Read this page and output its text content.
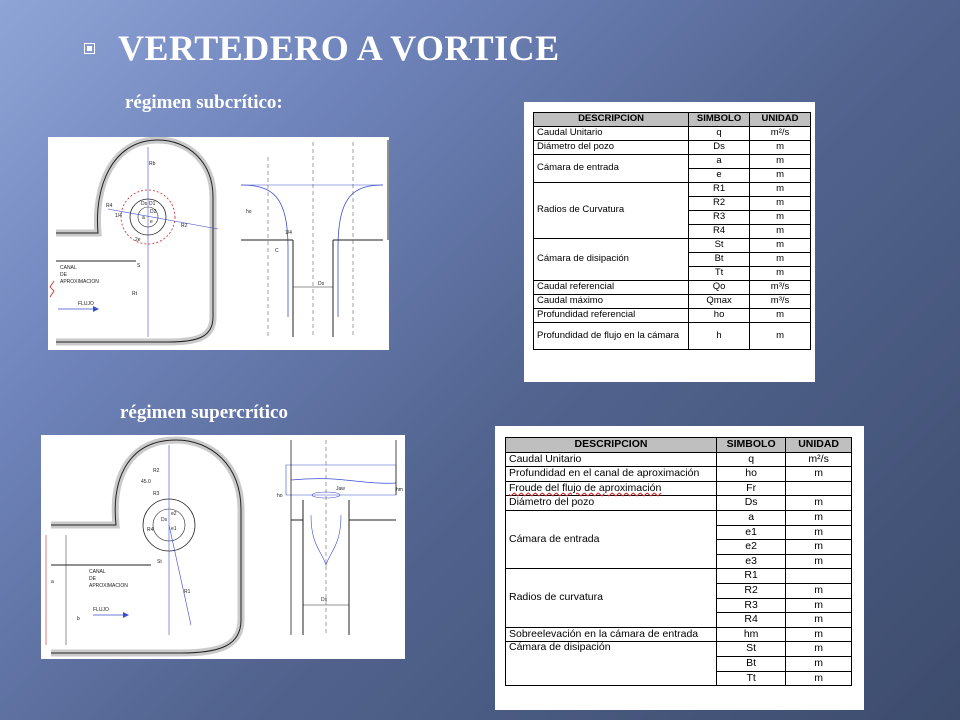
VERTEDERO A VORTICE
régimen subcrítico:
régimen supercrítico
Rb
R4
R2
Ds D1
D2
a
e
1/4
2e
Rt
S
CANAL
DE
APROXIMACION
FLUJO
ho
C
1/4
Ds
R2
R3
45.0
Ds
e2
e1
R4
St
R1
a
b
CANAL
DE
APROXIMACION
FLUJO
ho
hm
Jaw
Ds
DESCRIPCION	SIMBOLO	UNIDAD
Caudal Unitario	q	m²/s
Diámetro del pozo	Ds	m
Cámara de entrada	a	m
	e	m
Radios de Curvatura	R1	m
	R2	m
	R3	m
	R4	m
Cámara de disipación	St	m
	Bt	m
	Tt	m
Caudal referencial	Qo	m³/s
Caudal máximo	Qmax	m³/s
Profundidad referencial	ho	m
Profundidad de flujo en la cámara	h	m
DESCRIPCION	SIMBOLO	UNIDAD
Caudal Unitario	q	m²/s
Profundidad en el canal de aproximación	ho	m
Froude del flujo de aproximación	Fr	
Diámetro del pozo	Ds	m
Cámara de entrada	a	m
	e1	m
	e2	m
	e3	m
Radios de curvatura	R1	
	R2	m
	R3	m
	R4	m
Sobreelevación en la cámara de entrada	hm	m
Cámara de disipación	St	m
	Bt	m
	Tt	m
